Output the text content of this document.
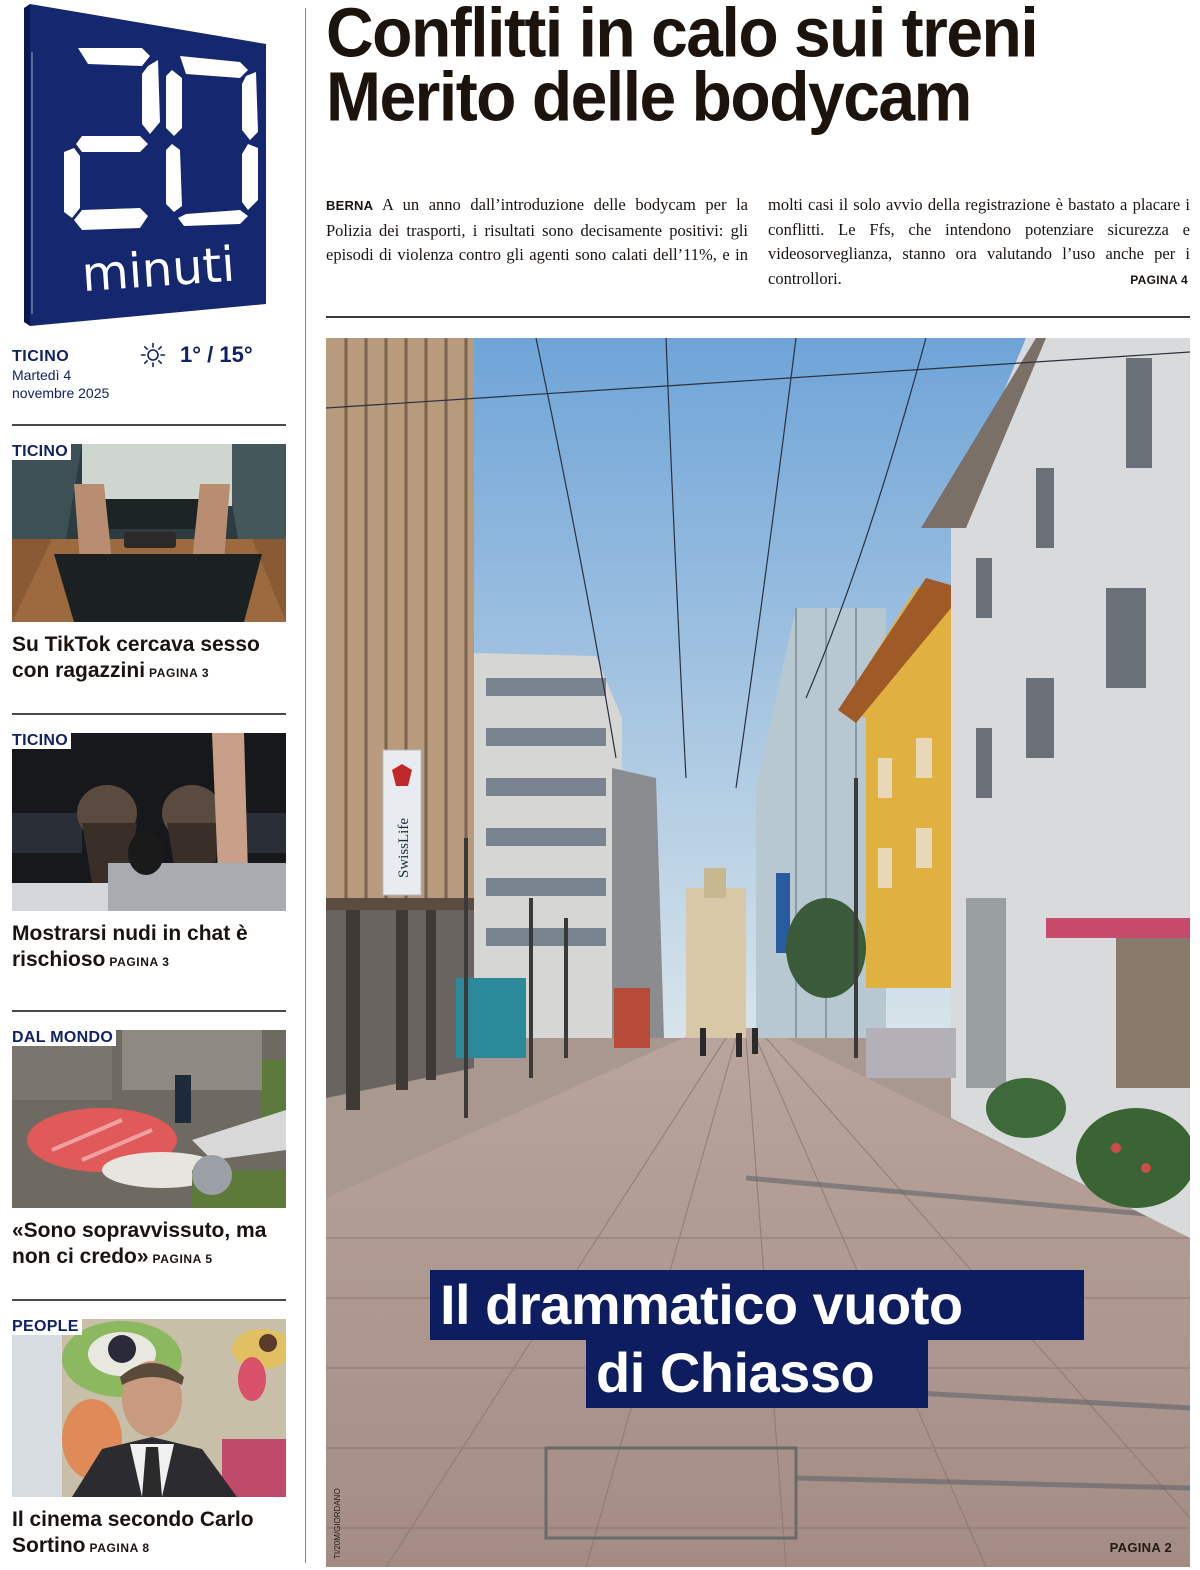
minuti
TICINO
Martedì 4
novembre 2025
1° / 15°
TICINO
Su TikTok cercava sesso con ragazzini PAGINA 3
TICINO
Mostrarsi nudi in chat è rischioso PAGINA 3
DAL MONDO
«Sono sopravvissuto, ma non ci credo» PAGINA 5
PEOPLE
Il cinema secondo Carlo Sortino PAGINA 8
Conflitti in calo sui treni
Merito delle bodycam
BERNA A un anno dall’introduzione delle bodycam per la Polizia dei trasporti, i risultati sono decisamente positivi: gli episodi di violenza contro gli agenti sono calati dell’11%, e in molti casi il solo avvio della registrazione è bastato a placare i conflitti. Le Ffs, che intendono potenziare sicurezza e videosorveglianza, stanno ora valutando l’uso anche per i controllori.	PAGINA 4
SwissLife
Il drammatico vuoto
di Chiasso
TI/20M/GIORDANO	PAGINA 2
